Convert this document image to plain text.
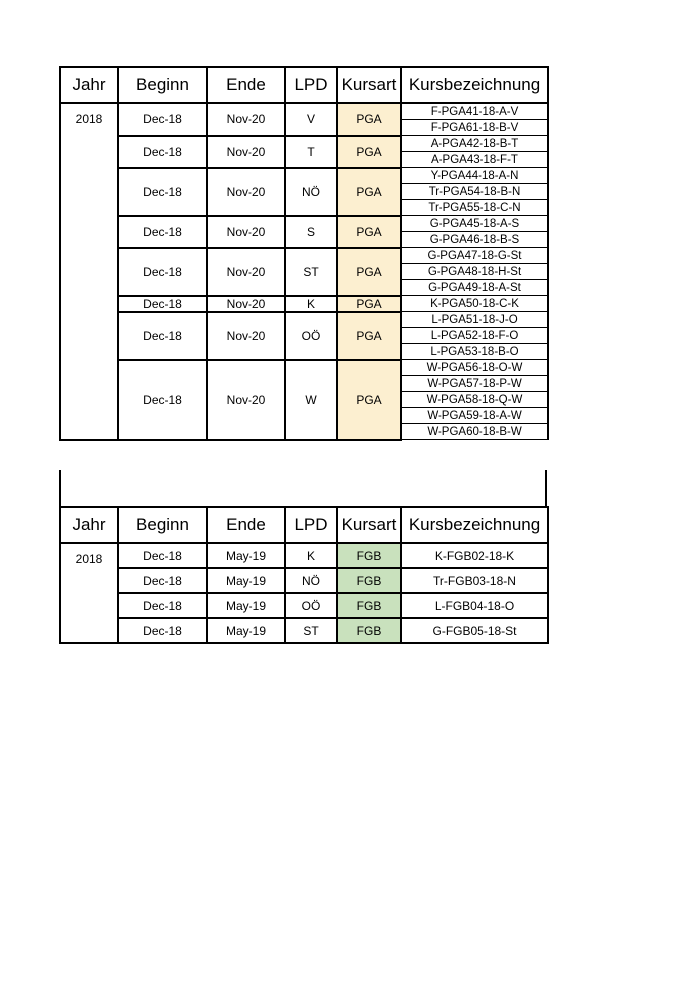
Jahr	Beginn	Ende	LPD	Kursart	Kursbezeichnung
2018	Dec-18	Nov-20	V	PGA	F-PGA41-18-A-V
					F-PGA61-18-B-V
	Dec-18	Nov-20	T	PGA	A-PGA42-18-B-T
					A-PGA43-18-F-T
	Dec-18	Nov-20	NÖ	PGA	Y-PGA44-18-A-N
					Tr-PGA54-18-B-N
					Tr-PGA55-18-C-N
	Dec-18	Nov-20	S	PGA	G-PGA45-18-A-S
					G-PGA46-18-B-S
	Dec-18	Nov-20	ST	PGA	G-PGA47-18-G-St
					G-PGA48-18-H-St
					G-PGA49-18-A-St
	Dec-18	Nov-20	K	PGA	K-PGA50-18-C-K
	Dec-18	Nov-20	OÖ	PGA	L-PGA51-18-J-O
					L-PGA52-18-F-O
					L-PGA53-18-B-O
	Dec-18	Nov-20	W	PGA	W-PGA56-18-O-W
					W-PGA57-18-P-W
					W-PGA58-18-Q-W
					W-PGA59-18-A-W
					W-PGA60-18-B-W
Jahr	Beginn	Ende	LPD	Kursart	Kursbezeichnung
2018	Dec-18	May-19	K	FGB	K-FGB02-18-K
	Dec-18	May-19	NÖ	FGB	Tr-FGB03-18-N
	Dec-18	May-19	OÖ	FGB	L-FGB04-18-O
	Dec-18	May-19	ST	FGB	G-FGB05-18-St
